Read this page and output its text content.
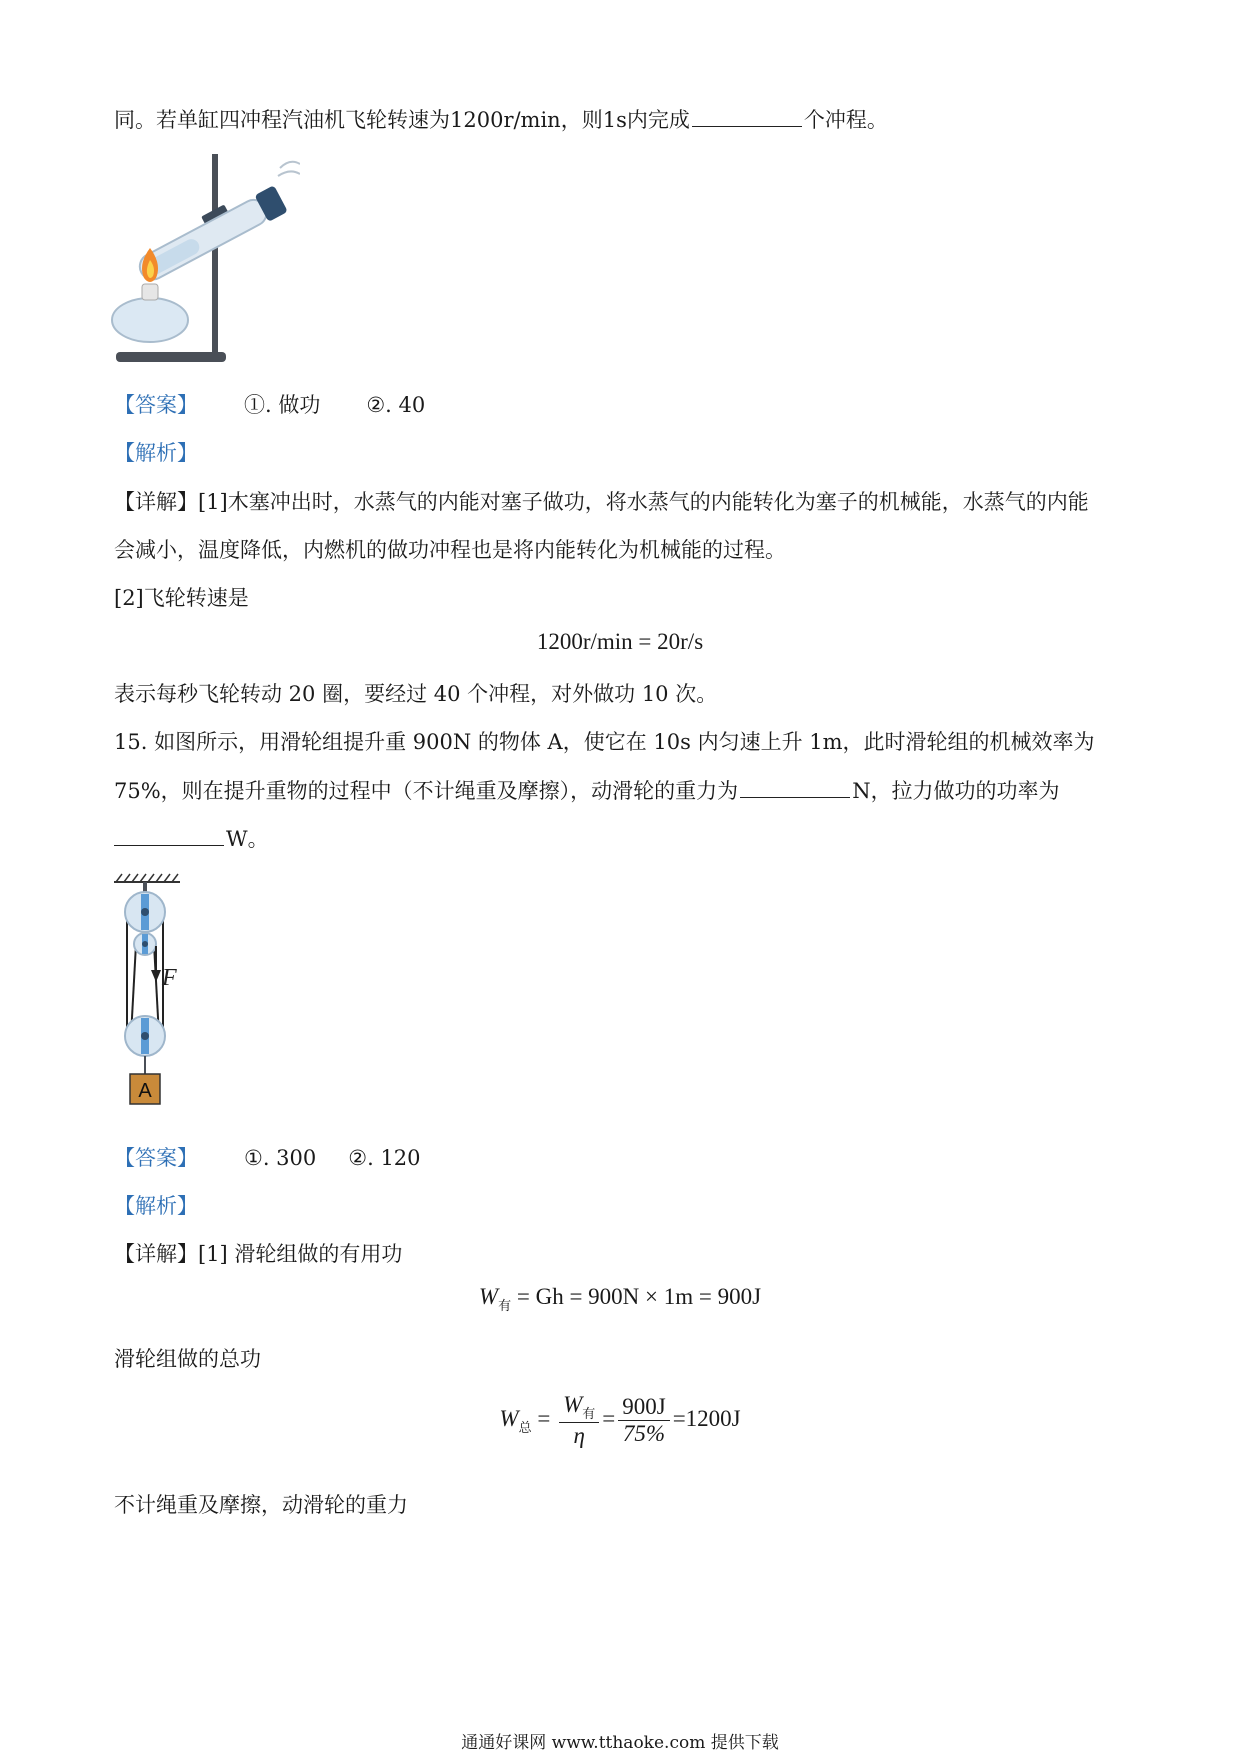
同。若单缸四冲程汽油机飞轮转速为1200r/min，则1s内完成	个冲程。
【答案】 ①. 做功 ②. 40
【解析】
【详解】[1]木塞冲出时，水蒸气的内能对塞子做功，将水蒸气的内能转化为塞子的机械能，水蒸气的内能
会减小，温度降低，内燃机的做功冲程也是将内能转化为机械能的过程。
[2]飞轮转速是
1200r/min = 20r/s
表示每秒飞轮转动 20 圈，要经过 40 个冲程，对外做功 10 次。
15. 如图所示，用滑轮组提升重 900N 的物体 A，使它在 10s 内匀速上升 1m，此时滑轮组的机械效率为
75%，则在提升重物的过程中（不计绳重及摩擦），动滑轮的重力为	N，拉力做功的功率为
W。
F
A
【答案】 ①. 300 ②. 120
【解析】
【详解】[1] 滑轮组做的有用功
$W_有 = Gh = 900N \times 1m = 900J$
滑轮组做的总功
$W_总 = \frac{W_有}{\eta} = \frac{900J}{75\%} =1200J$
不计绳重及摩擦，动滑轮的重力
通通好课网 www.tthaoke.com 提供下载
